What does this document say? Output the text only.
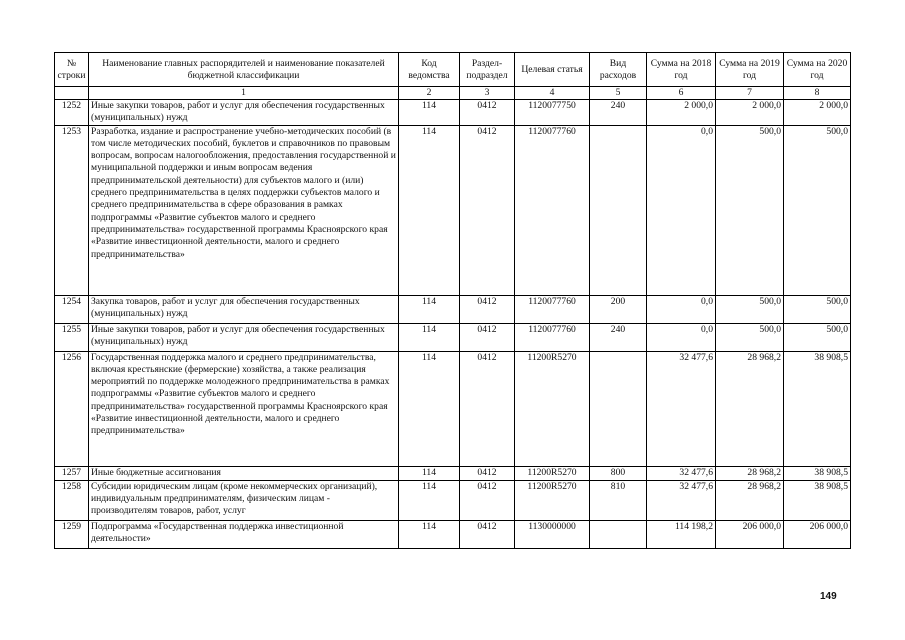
№ строки	Наименование главных распорядителей и наименование показателей бюджетной классификации	Код ведомства	Раздел-подраздел	Целевая статья	Вид расходов	Сумма на 2018 год	Сумма на 2019 год	Сумма на 2020 год
	1	2	3	4	5	6	7	8
1252	Иные закупки товаров, работ и услуг для обеспечения государственных (муниципальных) нужд	114	0412	1120077750	240	2 000,0	2 000,0	2 000,0
1253	Разработка, издание и распространение учебно-методических пособий (в том числе методических пособий, буклетов и справочников по правовым вопросам, вопросам налогообложения, предоставления государственной и муниципальной поддержки и иным вопросам ведения предпринимательской деятельности) для субъектов малого и (или) среднего предпринимательства в целях поддержки субъектов малого и среднего предпринимательства в сфере образования в рамках подпрограммы «Развитие субъектов малого и среднего предпринимательства» государственной программы Красноярского края «Развитие инвестиционной деятельности, малого и среднего предпринимательства»	114	0412	1120077760		0,0	500,0	500,0
1254	Закупка товаров, работ и услуг для обеспечения государственных (муниципальных) нужд	114	0412	1120077760	200	0,0	500,0	500,0
1255	Иные закупки товаров, работ и услуг для обеспечения государственных (муниципальных) нужд	114	0412	1120077760	240	0,0	500,0	500,0
1256	Государственная поддержка малого и среднего предпринимательства, включая крестьянские (фермерские) хозяйства, а также реализация мероприятий по поддержке молодежного предпринимательства в рамках подпрограммы «Развитие субъектов малого и среднего предпринимательства» государственной программы Красноярского края «Развитие инвестиционной деятельности, малого и среднего предпринимательства»	114	0412	11200R5270		32 477,6	28 968,2	38 908,5
1257	Иные бюджетные ассигнования	114	0412	11200R5270	800	32 477,6	28 968,2	38 908,5
1258	Субсидии юридическим лицам (кроме некоммерческих организаций), индивидуальным предпринимателям, физическим лицам - производителям товаров, работ, услуг	114	0412	11200R5270	810	32 477,6	28 968,2	38 908,5
1259	Подпрограмма «Государственная поддержка инвестиционной деятельности»	114	0412	1130000000		114 198,2	206 000,0	206 000,0
149
